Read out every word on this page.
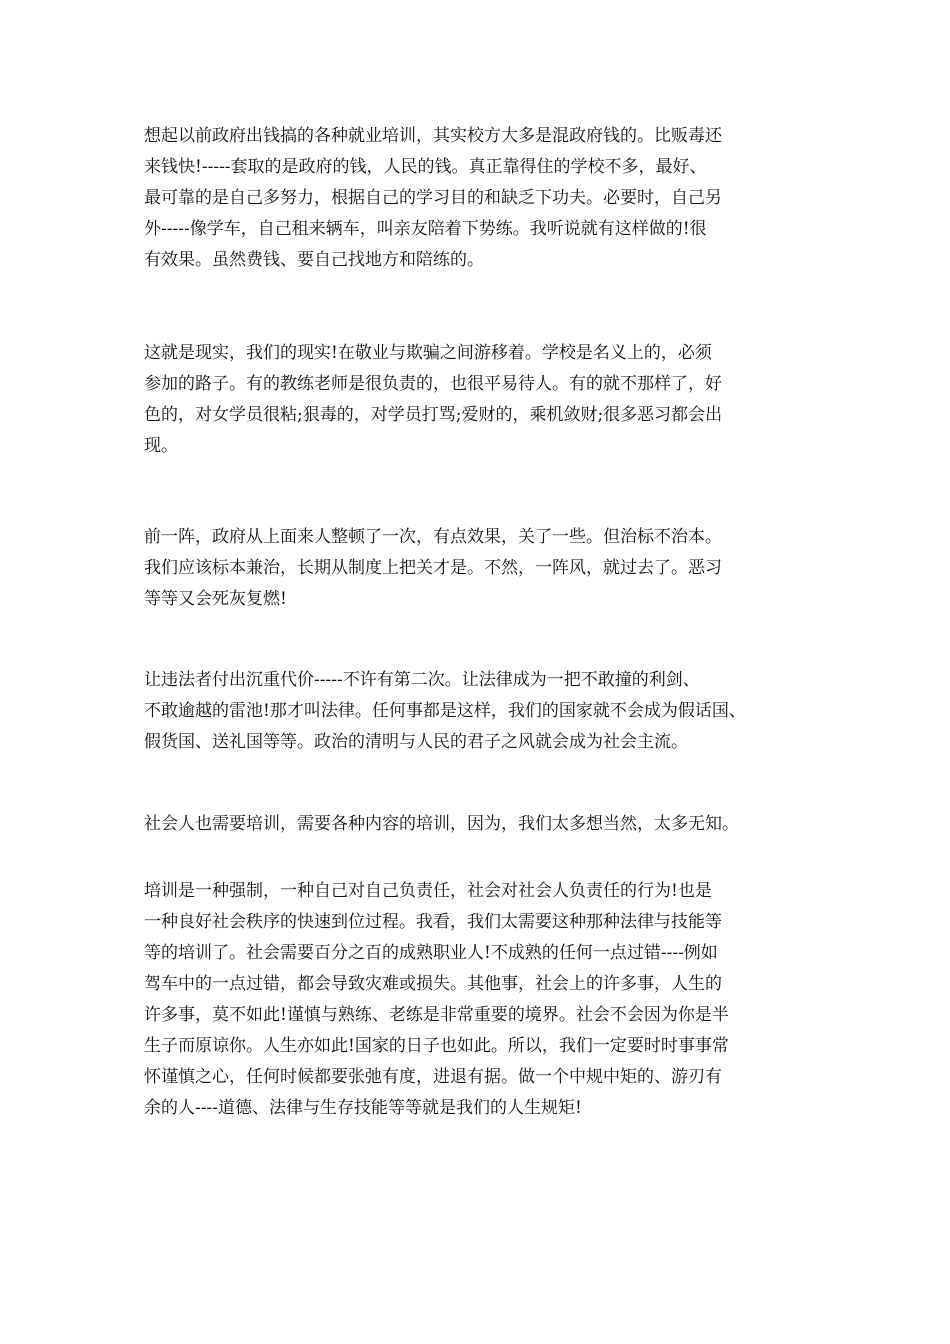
想起以前政府出钱搞的各种就业培训，其实校方大多是混政府钱的。比贩毒还
来钱快!-----套取的是政府的钱，人民的钱。真正靠得住的学校不多，最好、
最可靠的是自己多努力，根据自己的学习目的和缺乏下功夫。必要时，自己另
外-----像学车，自己租来辆车，叫亲友陪着下势练。我听说就有这样做的!很
有效果。虽然费钱、要自己找地方和陪练的。
这就是现实，我们的现实!在敬业与欺骗之间游移着。学校是名义上的，必须
参加的路子。有的教练老师是很负责的，也很平易待人。有的就不那样了，好
色的，对女学员很粘;狠毒的，对学员打骂;爱财的，乘机敛财;很多恶习都会出
现。
前一阵，政府从上面来人整顿了一次，有点效果，关了一些。但治标不治本。
我们应该标本兼治，长期从制度上把关才是。不然，一阵风，就过去了。恶习
等等又会死灰复燃!
让违法者付出沉重代价-----不许有第二次。让法律成为一把不敢撞的利剑、
不敢逾越的雷池!那才叫法律。任何事都是这样，我们的国家就不会成为假话国、
假货国、送礼国等等。政治的清明与人民的君子之风就会成为社会主流。
社会人也需要培训，需要各种内容的培训，因为，我们太多想当然，太多无知。
培训是一种强制，一种自己对自己负责任，社会对社会人负责任的行为!也是
一种良好社会秩序的快速到位过程。我看，我们太需要这种那种法律与技能等
等的培训了。社会需要百分之百的成熟职业人!不成熟的任何一点过错----例如
驾车中的一点过错，都会导致灾难或损失。其他事，社会上的许多事，人生的
许多事，莫不如此!谨慎与熟练、老练是非常重要的境界。社会不会因为你是半
生子而原谅你。人生亦如此!国家的日子也如此。所以，我们一定要时时事事常
怀谨慎之心，任何时候都要张弛有度，进退有据。做一个中规中矩的、游刃有
余的人----道德、法律与生存技能等等就是我们的人生规矩!
